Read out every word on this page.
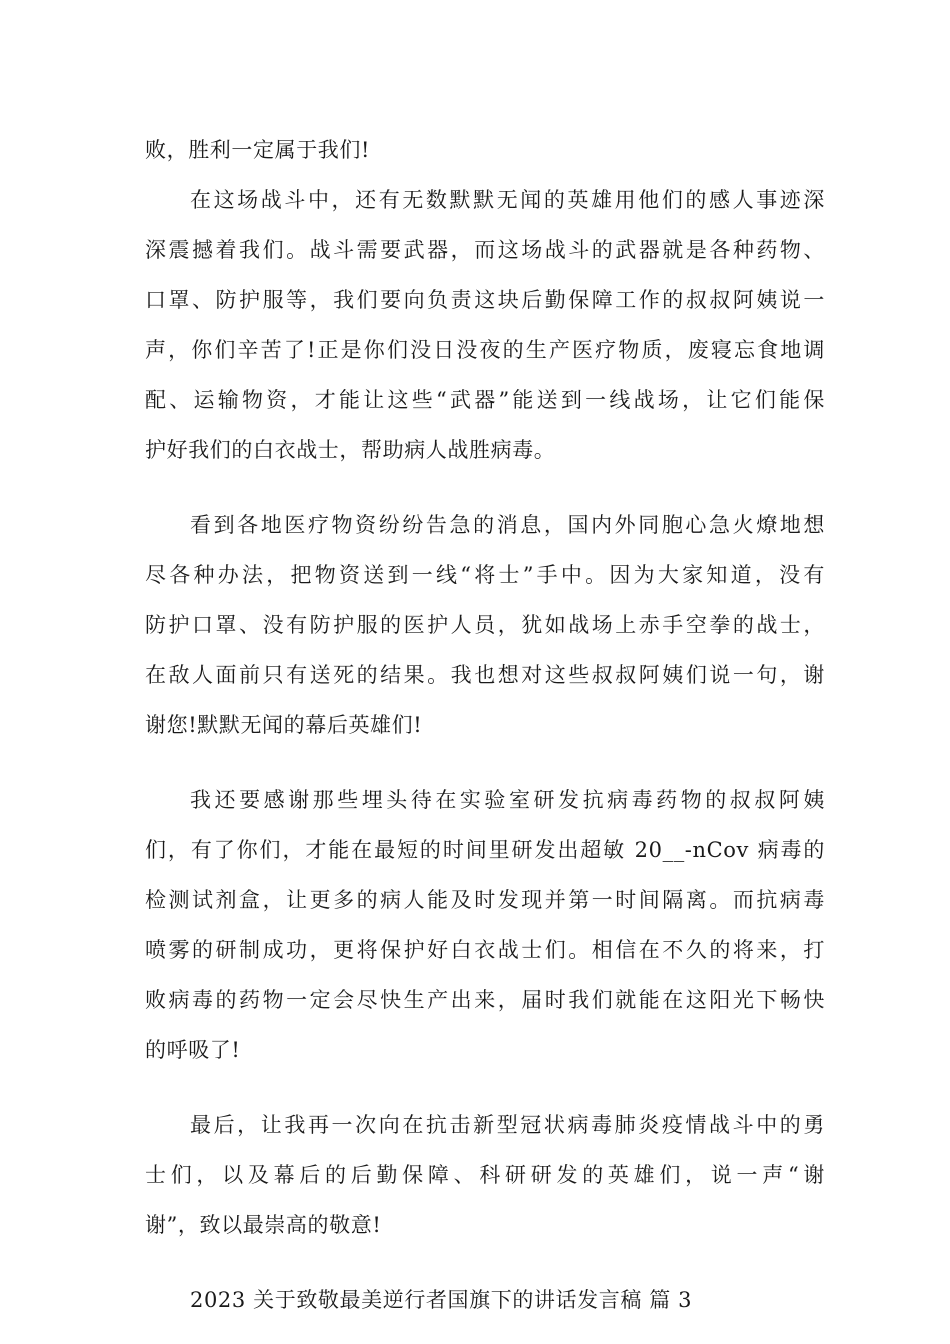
败，胜利一定属于我们!
在这场战斗中，还有无数默默无闻的英雄用他们的感人事迹深
深震撼着我们。战斗需要武器，而这场战斗的武器就是各种药物、
口罩、防护服等，我们要向负责这块后勤保障工作的叔叔阿姨说一
声，你们辛苦了!正是你们没日没夜的生产医疗物质，废寝忘食地调
配、运输物资，才能让这些“武器”能送到一线战场，让它们能保
护好我们的白衣战士，帮助病人战胜病毒。
看到各地医疗物资纷纷告急的消息，国内外同胞心急火燎地想
尽各种办法，把物资送到一线“将士”手中。因为大家知道，没有
防护口罩、没有防护服的医护人员，犹如战场上赤手空拳的战士，
在敌人面前只有送死的结果。我也想对这些叔叔阿姨们说一句，谢
谢您!默默无闻的幕后英雄们!
我还要感谢那些埋头待在实验室研发抗病毒药物的叔叔阿姨
们，有了你们，才能在最短的时间里研发出超敏 20__-nCov 病毒的
检测试剂盒，让更多的病人能及时发现并第一时间隔离。而抗病毒
喷雾的研制成功，更将保护好白衣战士们。相信在不久的将来，打
败病毒的药物一定会尽快生产出来，届时我们就能在这阳光下畅快
的呼吸了!
最后，让我再一次向在抗击新型冠状病毒肺炎疫情战斗中的勇
士们，以及幕后的后勤保障、科研研发的英雄们，说一声“谢
谢”，致以最崇高的敬意!
2023 关于致敬最美逆行者国旗下的讲话发言稿 篇 3
